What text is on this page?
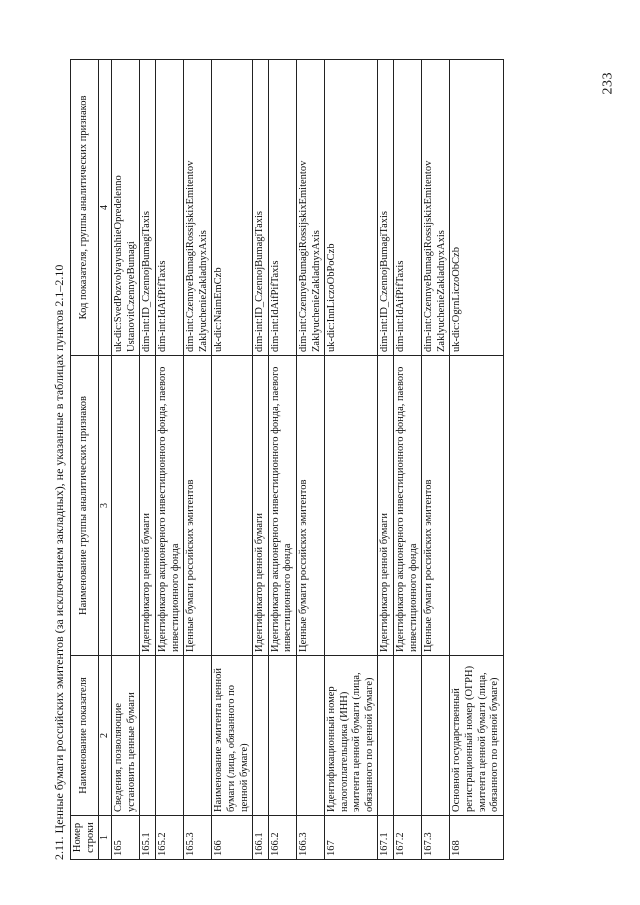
233
2.11. Ценные бумаги российских эмитентов (за исключением закладных), не указанные в таблицах пунктов 2.1–2.10 Номер строки	Наименование показателя	Наименование группы аналитических признаков	Код показателя, группы аналитических признаков
1	2	3	4
165	Сведения, позволяющие установить ценные бумаги		uk-dic:SvedPozvolyayushhieOpredelenno UstanovitCzennyeBumagi
165.1		Идентификатор ценной бумаги	dim-int:ID_CzennojBumagiTaxis
165.2		Идентификатор акционерного инвестиционного фонда, паевого инвестиционного фонда	dim-int:IdAifPifTaxis
165.3		Ценные бумаги российских эмитентов	dim-int:CzennyeBumagiRossijskixEmitentov ZaklyuchenieZakladnyxAxis
166	Наименование эмитента ценной бумаги (лица, обязанного по ценной бумаге)		uk-dic:NaimEmCzb
166.1		Идентификатор ценной бумаги	dim-int:ID_CzennojBumagiTaxis
166.2		Идентификатор акционерного инвестиционного фонда, паевого инвестиционного фонда	dim-int:IdAifPifTaxis
166.3		Ценные бумаги российских эмитентов	dim-int:CzennyeBumagiRossijskixEmitentov ZaklyuchenieZakladnyxAxis
167	Идентификационный номер налогоплательщика (ИНН) эмитента ценной бумаги (лица, обязанного по ценной бумаге)		uk-dic:InnLiczoObPoCzb
167.1		Идентификатор ценной бумаги	dim-int:ID_CzennojBumagiTaxis
167.2		Идентификатор акционерного инвестиционного фонда, паевого инвестиционного фонда	dim-int:IdAifPifTaxis
167.3		Ценные бумаги российских эмитентов	dim-int:CzennyeBumagiRossijskixEmitentov ZaklyuchenieZakladnyxAxis
168	Основной государственный регистрационный номер (ОГРН) эмитента ценной бумаги (лица, обязанного по ценной бумаге)		uk-dic:OgrnLiczoObCzb
